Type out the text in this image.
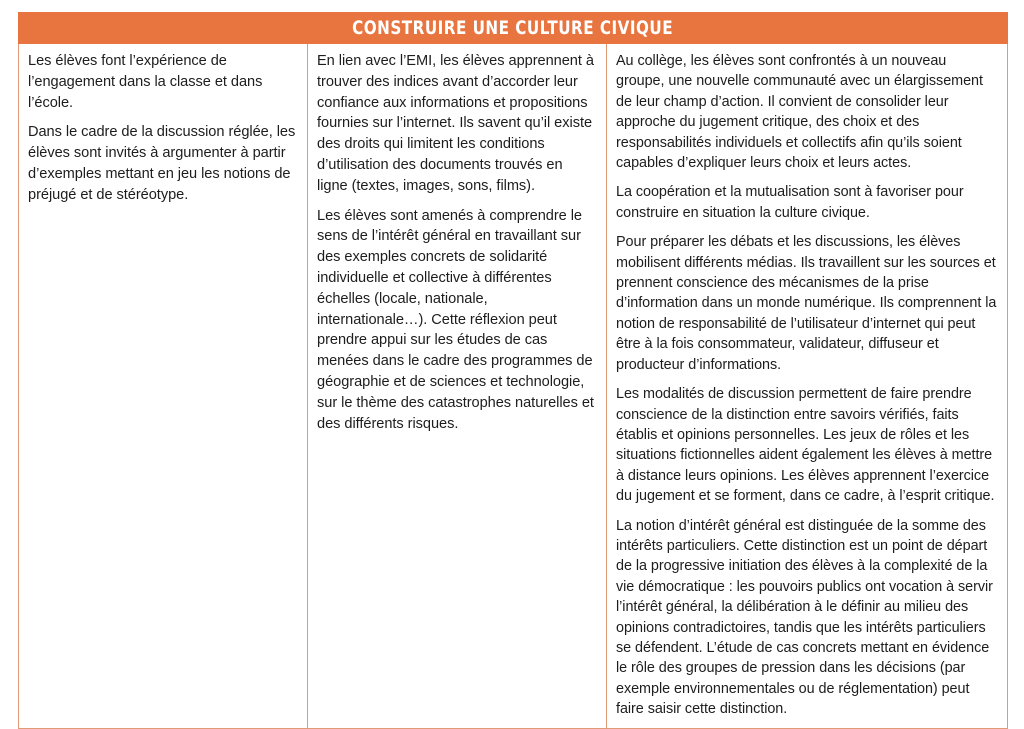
CONSTRUIRE UNE CULTURE CIVIQUE

Les élèves font l’expérience de l’engagement dans la classe et dans l’école.

Dans le cadre de la discussion réglée, les élèves sont invités à argumenter à partir d’exemples mettant en jeu les notions de préjugé et de stéréotype.

En lien avec l’EMI, les élèves apprennent à trouver des indices avant d’accorder leur confiance aux informations et propositions fournies sur l’internet. Ils savent qu’il existe des droits qui limitent les conditions d’utilisation des documents trouvés en ligne (textes, images, sons, films).

Les élèves sont amenés à comprendre le sens de l’intérêt général en travaillant sur des exemples concrets de solidarité individuelle et collective à différentes échelles (locale, nationale, internationale…). Cette réflexion peut prendre appui sur les études de cas menées dans le cadre des programmes de géographie et de sciences et technologie, sur le thème des catastrophes naturelles et des différents risques.

Au collège, les élèves sont confrontés à un nouveau groupe, une nouvelle communauté avec un élargissement de leur champ d’action. Il convient de consolider leur approche du jugement critique, des choix et des responsabilités individuels et collectifs afin qu’ils soient capables d’expliquer leurs choix et leurs actes.

La coopération et la mutualisation sont à favoriser pour construire en situation la culture civique.

Pour préparer les débats et les discussions, les élèves mobilisent différents médias. Ils travaillent sur les sources et prennent conscience des mécanismes de la prise d’information dans un monde numérique. Ils comprennent la notion de responsabilité de l’utilisateur d’internet qui peut être à la fois consommateur, validateur, diffuseur et producteur d’informations.

Les modalités de discussion permettent de faire prendre conscience de la distinction entre savoirs vérifiés, faits établis et opinions personnelles. Les jeux de rôles et les situations fictionnelles aident également les élèves à mettre à distance leurs opinions. Les élèves apprennent l’exercice du jugement et se forment, dans ce cadre, à l’esprit critique.

La notion d’intérêt général est distinguée de la somme des intérêts particuliers. Cette distinction est un point de départ de la progressive initiation des élèves à la complexité de la vie démocratique : les pouvoirs publics ont vocation à servir l’intérêt général, la délibération à le définir au milieu des opinions contradictoires, tandis que les intérêts particuliers se défendent. L’étude de cas concrets mettant en évidence le rôle des groupes de pression dans les décisions (par exemple environnementales ou de réglementation) peut faire saisir cette distinction.
